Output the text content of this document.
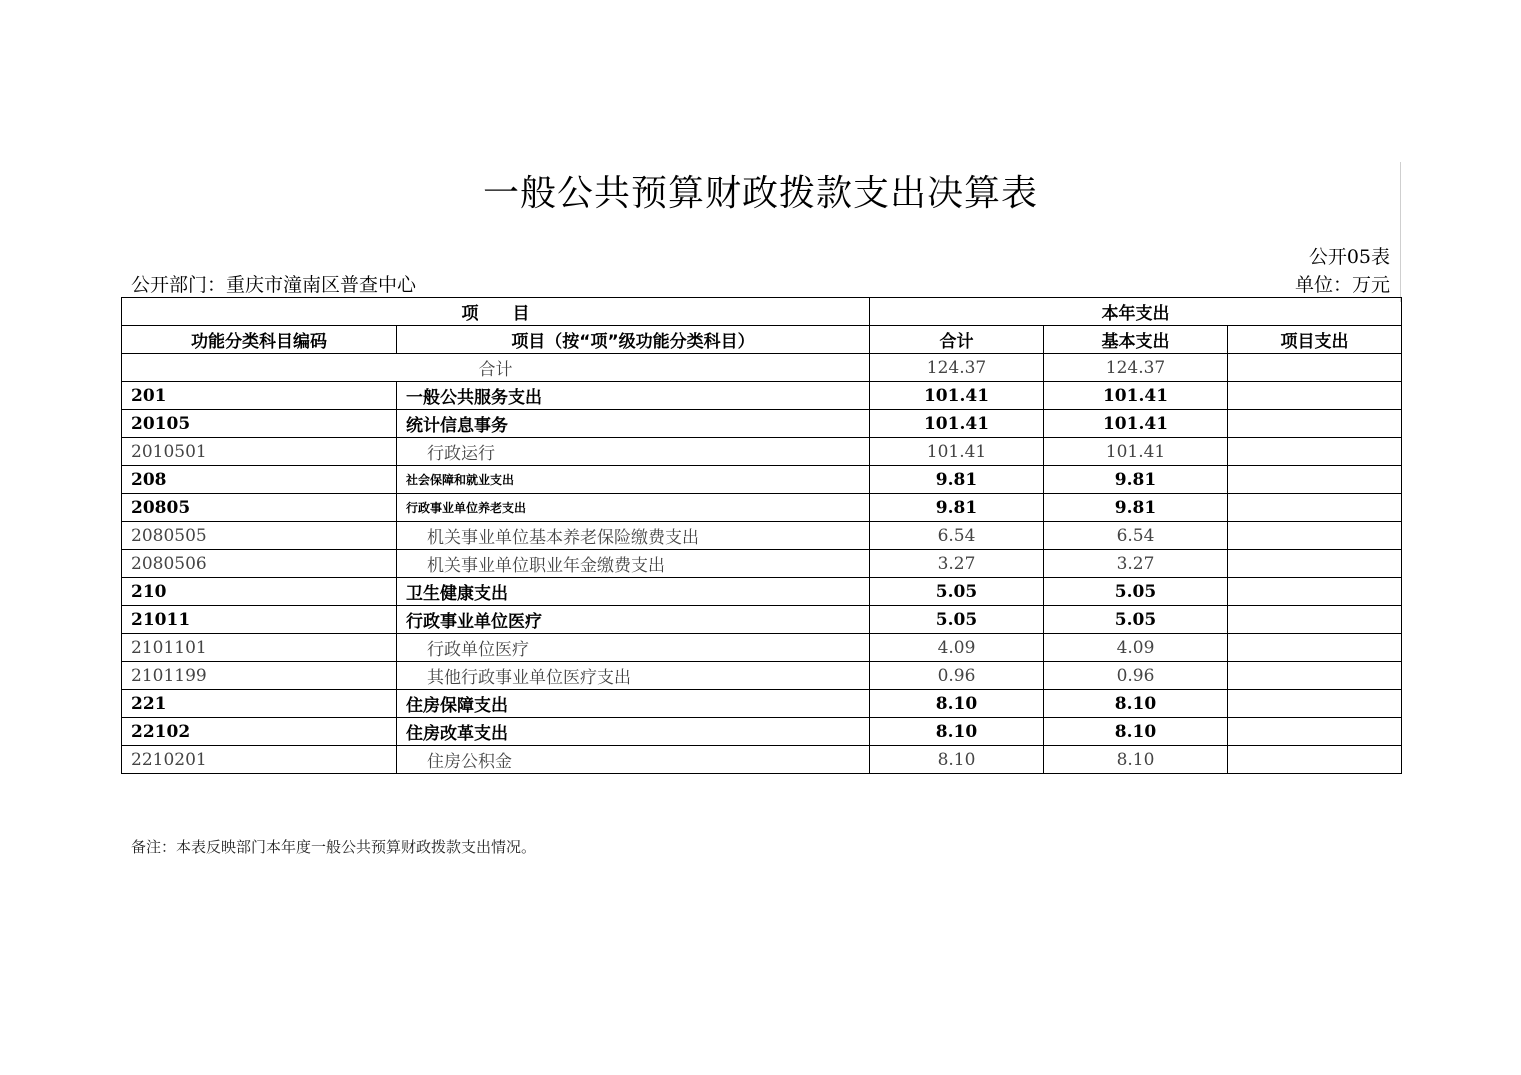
一般公共预算财政拨款支出决算表
公开05表
公开部门：重庆市潼南区普查中心	单位：万元
项　　目		本年支出		
功能分类科目编码	项目（按“项”级功能分类科目）	合计	基本支出	项目支出
合计		124.37	124.37	
201	一般公共服务支出	101.41	101.41	
20105	统计信息事务	101.41	101.41	
2010501	行政运行	101.41	101.41	
208	社会保障和就业支出	9.81	9.81	
20805	行政事业单位养老支出	9.81	9.81	
2080505	机关事业单位基本养老保险缴费支出	6.54	6.54	
2080506	机关事业单位职业年金缴费支出	3.27	3.27	
210	卫生健康支出	5.05	5.05	
21011	行政事业单位医疗	5.05	5.05	
2101101	行政单位医疗	4.09	4.09	
2101199	其他行政事业单位医疗支出	0.96	0.96	
221	住房保障支出	8.10	8.10	
22102	住房改革支出	8.10	8.10	
2210201	住房公积金	8.10	8.10	
备注：本表反映部门本年度一般公共预算财政拨款支出情况。
